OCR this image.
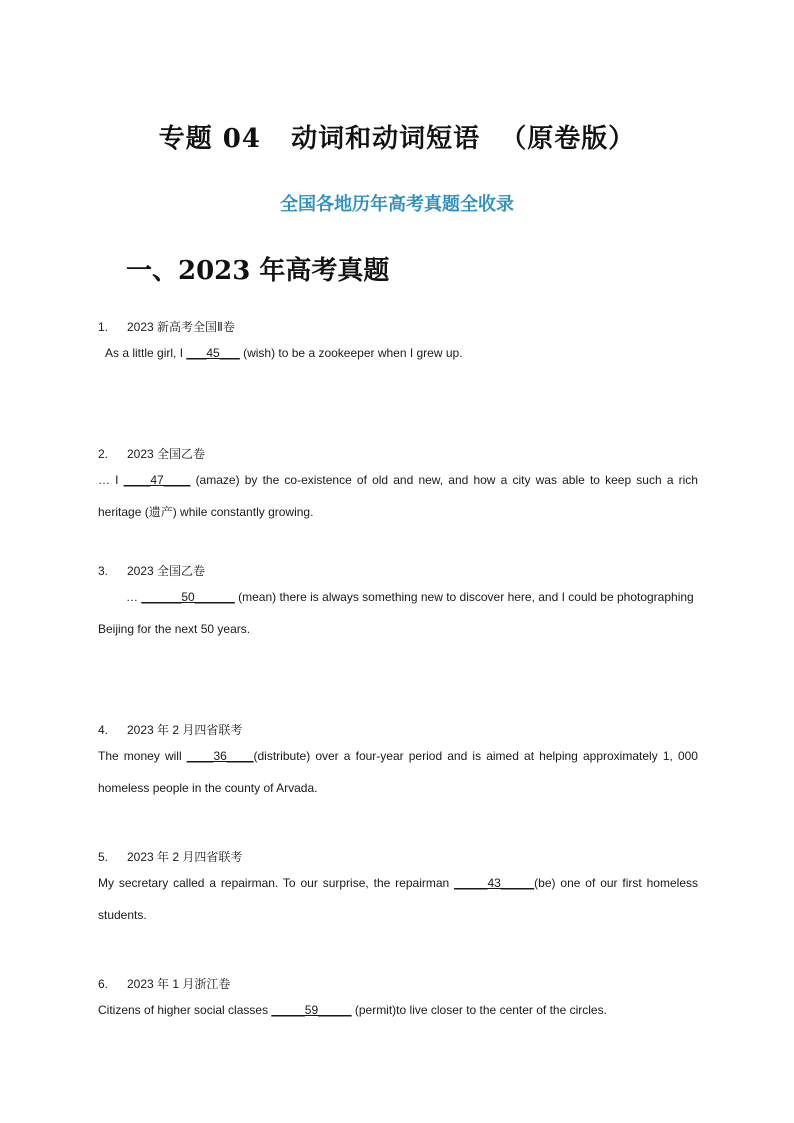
专题 04   动词和动词短语  （原卷版）
全国各地历年高考真题全收录
一、2023 年高考真题
1. 2023 新高考全国Ⅱ卷
As a little girl, I ___45___ (wish) to be a zookeeper when I grew up.
2. 2023 全国乙卷
… I ____47____ (amaze) by the co-existence of old and new, and how a city was able to keep such a rich heritage (遗产) while constantly growing.
3. 2023 全国乙卷
… ______50______ (mean) there is always something new to discover here, and I could be photographing Beijing for the next 50 years.
4. 2023 年 2 月四省联考
The money will ____36____(distribute) over a four-year period and is aimed at helping approximately 1, 000 homeless people in the county of Arvada.
5. 2023 年 2 月四省联考
My secretary called a repairman. To our surprise, the repairman _____43_____(be) one of our first homeless students.
6. 2023 年 1 月浙江卷
Citizens of higher social classes _____59_____ (permit)to live closer to the center of the circles.
